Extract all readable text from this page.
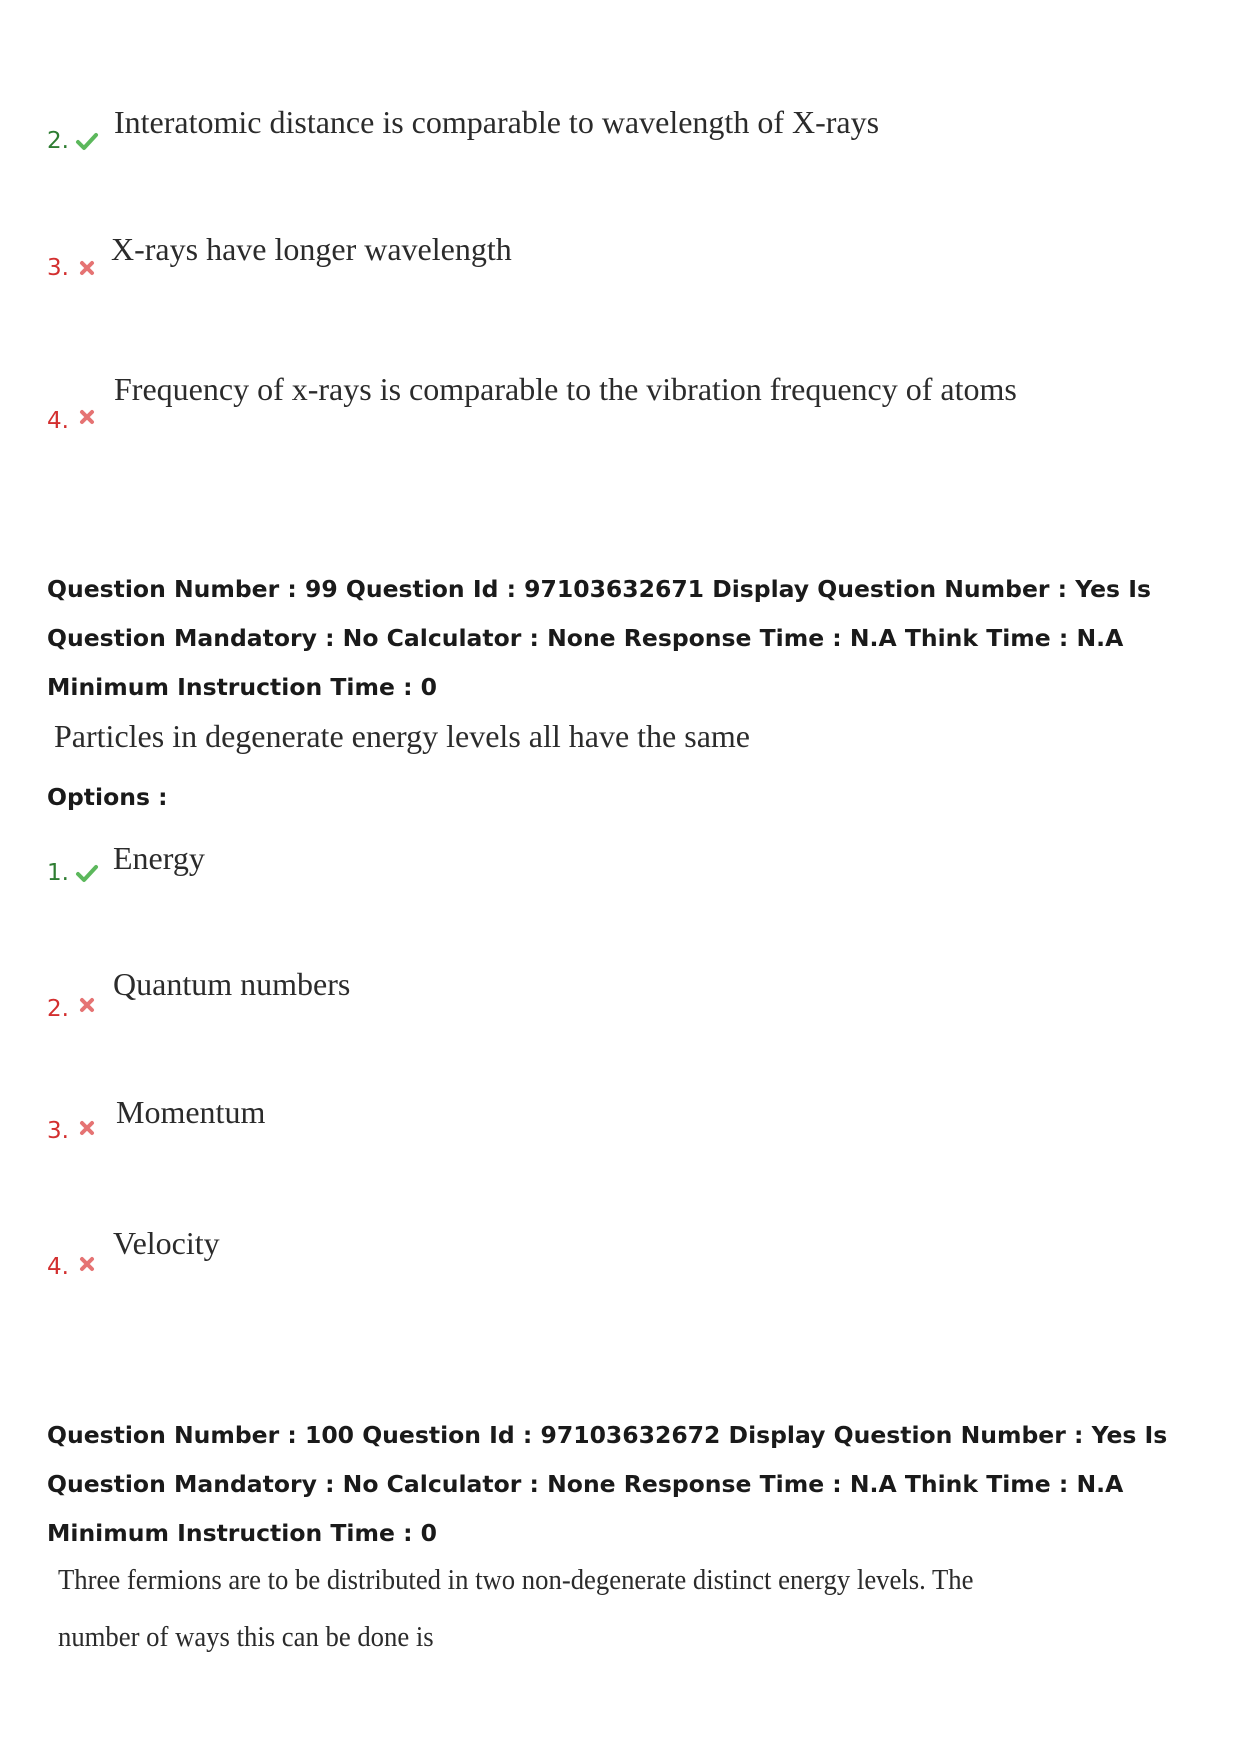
2.
Interatomic distance is comparable to wavelength of X-rays
3.
X-rays have longer wavelength
4.
Frequency of x-rays is comparable to the vibration frequency of atoms
Question Number : 99 Question Id : 97103632671 Display Question Number : Yes Is Question Mandatory : No Calculator : None Response Time : N.A Think Time : N.A Minimum Instruction Time : 0
Particles in degenerate energy levels all have the same
Options :
1. Energy
2.
Quantum numbers
3.
Momentum
4.
Velocity
Question Number : 100 Question Id : 97103632672 Display Question Number : Yes Is Question Mandatory : No Calculator : None Response Time : N.A Think Time : N.A Minimum Instruction Time : 0
Three fermions are to be distributed in two non-degenerate distinct energy levels. The
number of ways this can be done is
